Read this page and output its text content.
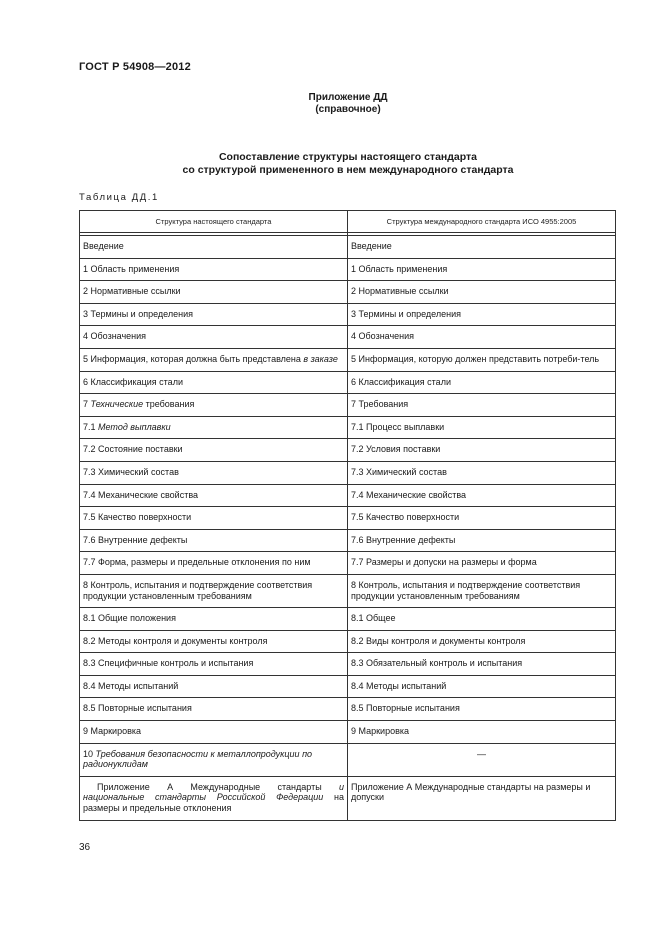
ГОСТ Р 54908—2012
Приложение ДД
(справочное)
Сопоставление структуры настоящего стандарта
со структурой примененного в нем международного стандарта
Таблица ДД.1
Структура настоящего стандарта	Структура международного стандарта ИСО 4955:2005

Введение	Введение
1 Область применения	1 Область применения
2 Нормативные ссылки	2 Нормативные ссылки
3 Термины и определения	3 Термины и определения
4 Обозначения	4 Обозначения
5 Информация, которая должна быть представлена в заказе	5 Информация, которую должен представить потреби-тель
6 Классификация стали	6 Классификация стали
7 Технические требования	7 Требования
7.1 Метод выплавки	7.1 Процесс выплавки
7.2 Состояние поставки	7.2 Условия поставки
7.3 Химический состав	7.3 Химический состав
7.4 Механические свойства	7.4 Механические свойства
7.5 Качество поверхности	7.5 Качество поверхности
7.6 Внутренние дефекты	7.6 Внутренние дефекты
7.7 Форма, размеры и предельные отклонения по ним	7.7 Размеры и допуски на размеры и форма
8 Контроль, испытания и подтверждение соответствия продукции установленным требованиям	8 Контроль, испытания и подтверждение соответствия продукции установленным требованиям
8.1 Общие положения	8.1 Общее
8.2 Методы контроля и документы контроля	8.2 Виды контроля и документы контроля
8.3 Специфичные контроль и испытания	8.3 Обязательный контроль и испытания
8.4 Методы испытаний	8.4 Методы испытаний
8.5 Повторные испытания	8.5 Повторные испытания
9 Маркировка	9 Маркировка
10 Требования безопасности к металлопродукции по радионуклидам	—
Приложение А Международные стандарты и национальные стандарты Российской Федерации на размеры и предельные отклонения	Приложение А Международные стандарты на размеры и допуски
36
